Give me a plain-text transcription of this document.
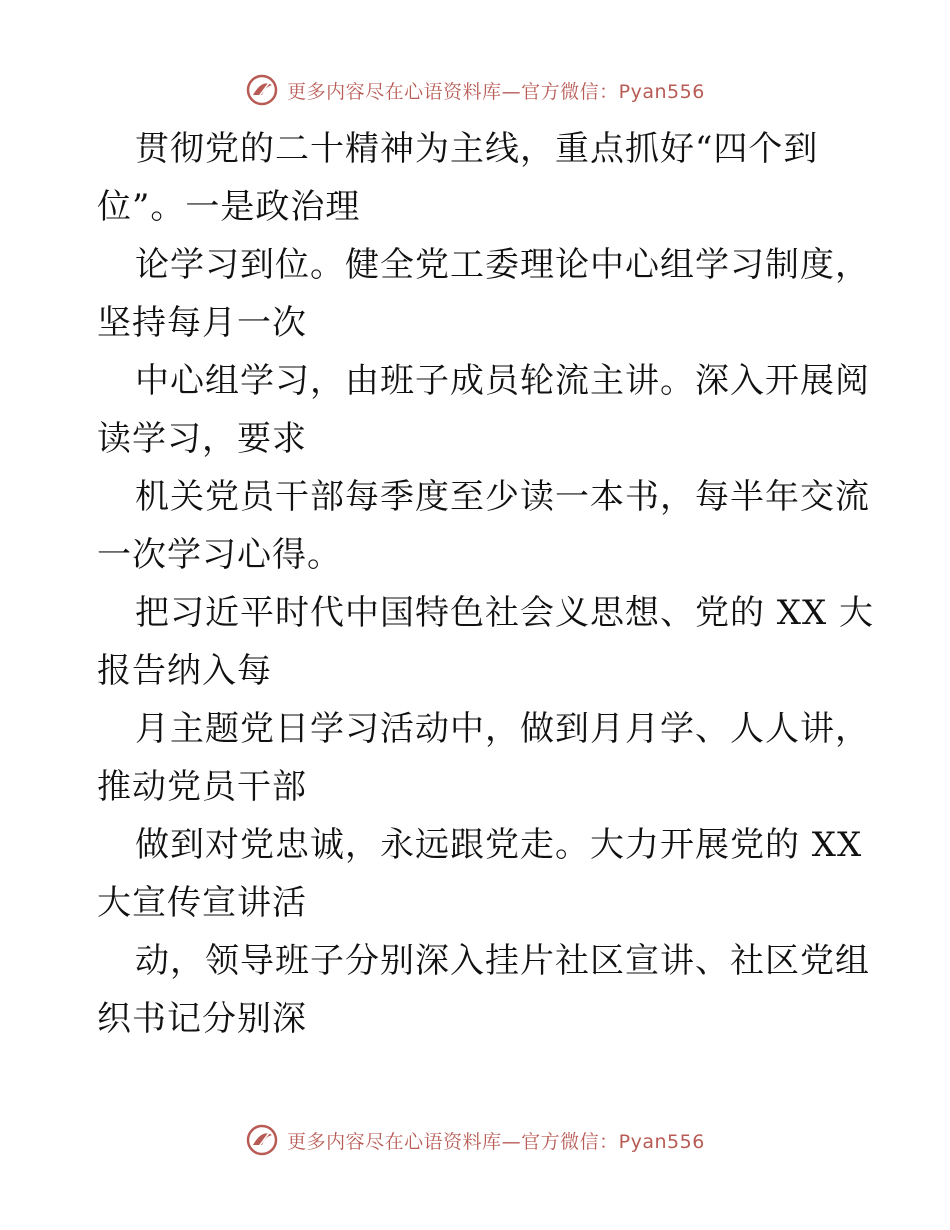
更多内容尽在心语资料库—官方微信：Pyan556

贯彻党的二十精神为主线，重点抓好“四个到
位”。一是政治理

论学习到位。健全党工委理论中心组学习制度，
坚持每月一次

中心组学习，由班子成员轮流主讲。深入开展阅
读学习，要求

机关党员干部每季度至少读一本书，每半年交流
一次学习心得。

把习近平时代中国特色社会义思想、党的 XX 大
报告纳入每

月主题党日学习活动中，做到月月学、人人讲，
推动党员干部

做到对党忠诚，永远跟党走。大力开展党的 XX
大宣传宣讲活

动，领导班子分别深入挂片社区宣讲、社区党组
织书记分别深

更多内容尽在心语资料库—官方微信：Pyan556
